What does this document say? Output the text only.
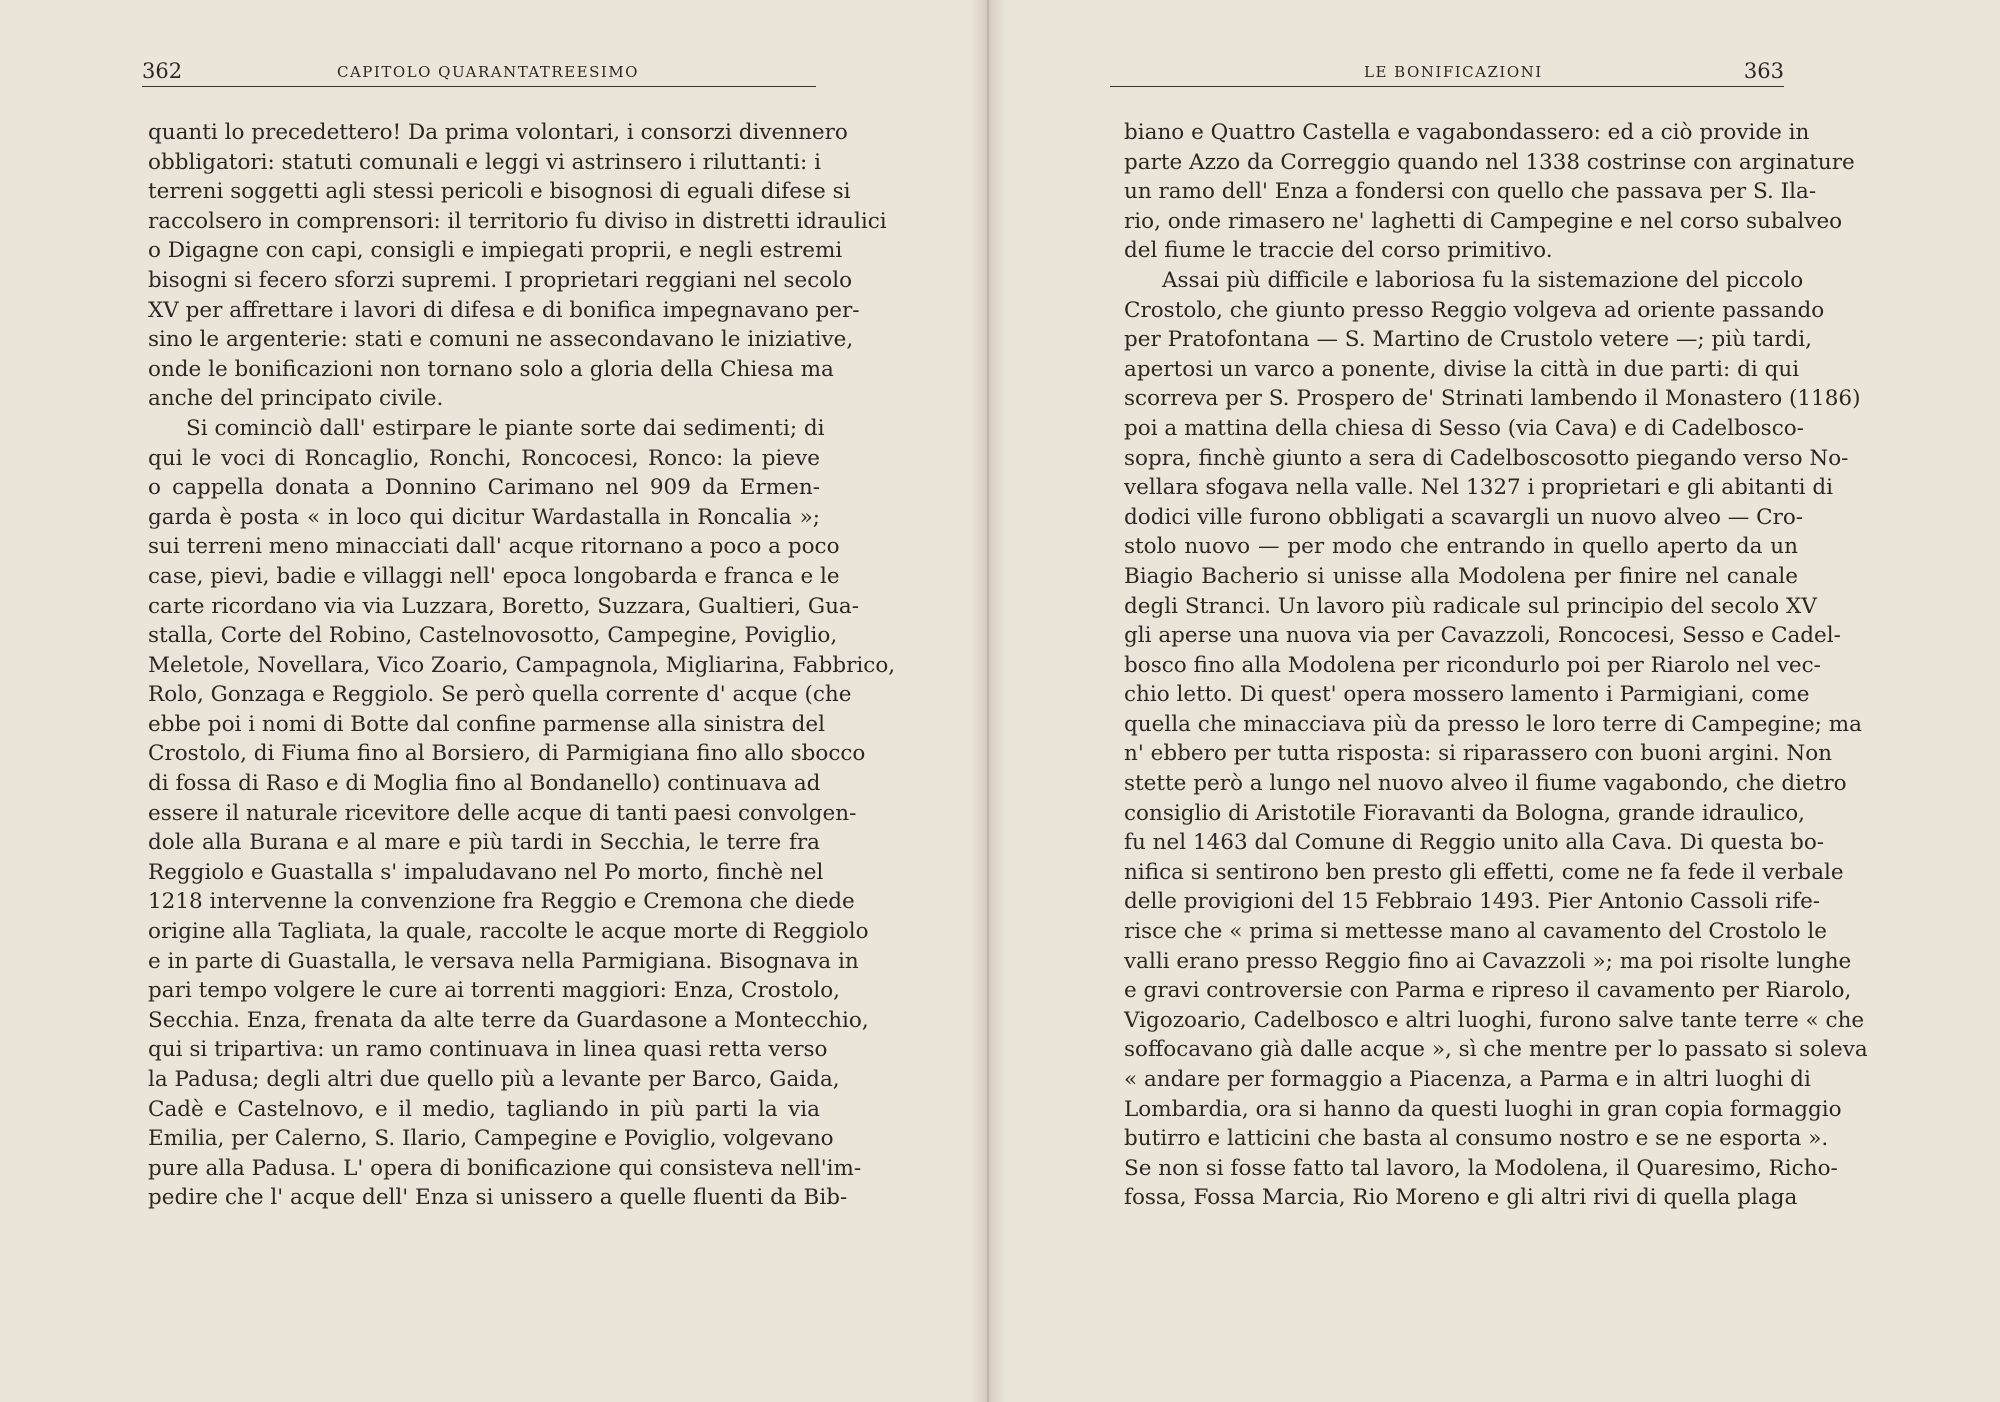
362	CAPITOLO QUARANTATREESIMO
quanti lo precedettero! Da prima volontari, i consorzi divennero
obbligatori: statuti comunali e leggi vi astrinsero i riluttanti: i
terreni soggetti agli stessi pericoli e bisognosi di eguali difese si
raccolsero in comprensori: il territorio fu diviso in distretti idraulici
o Digagne con capi, consigli e impiegati proprii, e negli estremi
bisogni si fecero sforzi supremi. I proprietari reggiani nel secolo
XV per affrettare i lavori di difesa e di bonifica impegnavano per-
sino le argenterie: stati e comuni ne assecondavano le iniziative,
onde le bonificazioni non tornano solo a gloria della Chiesa ma
anche del principato civile.
Si cominciò dall' estirpare le piante sorte dai sedimenti; di
qui le voci di Roncaglio, Ronchi, Roncocesi, Ronco: la pieve
o cappella donata a Donnino Carimano nel 909 da Ermen-
garda è posta « in loco qui dicitur Wardastalla in Roncalia »;
sui terreni meno minacciati dall' acque ritornano a poco a poco
case, pievi, badie e villaggi nell' epoca longobarda e franca e le
carte ricordano via via Luzzara, Boretto, Suzzara, Gualtieri, Gua-
stalla, Corte del Robino, Castelnovosotto, Campegine, Poviglio,
Meletole, Novellara, Vico Zoario, Campagnola, Migliarina, Fabbrico,
Rolo, Gonzaga e Reggiolo. Se però quella corrente d' acque (che
ebbe poi i nomi di Botte dal confine parmense alla sinistra del
Crostolo, di Fiuma fino al Borsiero, di Parmigiana fino allo sbocco
di fossa di Raso e di Moglia fino al Bondanello) continuava ad
essere il naturale ricevitore delle acque di tanti paesi convolgen-
dole alla Burana e al mare e più tardi in Secchia, le terre fra
Reggiolo e Guastalla s' impaludavano nel Po morto, finchè nel
1218 intervenne la convenzione fra Reggio e Cremona che diede
origine alla Tagliata, la quale, raccolte le acque morte di Reggiolo
e in parte di Guastalla, le versava nella Parmigiana. Bisognava in
pari tempo volgere le cure ai torrenti maggiori: Enza, Crostolo,
Secchia. Enza, frenata da alte terre da Guardasone a Montecchio,
qui si tripartiva: un ramo continuava in linea quasi retta verso
la Padusa; degli altri due quello più a levante per Barco, Gaida,
Cadè e Castelnovo, e il medio, tagliando in più parti la via
Emilia, per Calerno, S. Ilario, Campegine e Poviglio, volgevano
pure alla Padusa. L' opera di bonificazione qui consisteva nell'im-
pedire che l' acque dell' Enza si unissero a quelle fluenti da Bib-
LE BONIFICAZIONI	363
biano e Quattro Castella e vagabondassero: ed a ciò provide in
parte Azzo da Correggio quando nel 1338 costrinse con arginature
un ramo dell' Enza a fondersi con quello che passava per S. Ila-
rio, onde rimasero ne' laghetti di Campegine e nel corso subalveo
del fiume le traccie del corso primitivo.
Assai più difficile e laboriosa fu la sistemazione del piccolo
Crostolo, che giunto presso Reggio volgeva ad oriente passando
per Pratofontana — S. Martino de Crustolo vetere —; più tardi,
apertosi un varco a ponente, divise la città in due parti: di qui
scorreva per S. Prospero de' Strinati lambendo il Monastero (1186)
poi a mattina della chiesa di Sesso (via Cava) e di Cadelbosco-
sopra, finchè giunto a sera di Cadelboscosotto piegando verso No-
vellara sfogava nella valle. Nel 1327 i proprietari e gli abitanti di
dodici ville furono obbligati a scavargli un nuovo alveo — Cro-
stolo nuovo — per modo che entrando in quello aperto da un
Biagio Bacherio si unisse alla Modolena per finire nel canale
degli Stranci. Un lavoro più radicale sul principio del secolo XV
gli aperse una nuova via per Cavazzoli, Roncocesi, Sesso e Cadel-
bosco fino alla Modolena per ricondurlo poi per Riarolo nel vec-
chio letto. Di quest' opera mossero lamento i Parmigiani, come
quella che minacciava più da presso le loro terre di Campegine; ma
n' ebbero per tutta risposta: si riparassero con buoni argini. Non
stette però a lungo nel nuovo alveo il fiume vagabondo, che dietro
consiglio di Aristotile Fioravanti da Bologna, grande idraulico,
fu nel 1463 dal Comune di Reggio unito alla Cava. Di questa bo-
nifica si sentirono ben presto gli effetti, come ne fa fede il verbale
delle provigioni del 15 Febbraio 1493. Pier Antonio Cassoli rife-
risce che « prima si mettesse mano al cavamento del Crostolo le
valli erano presso Reggio fino ai Cavazzoli »; ma poi risolte lunghe
e gravi controversie con Parma e ripreso il cavamento per Riarolo,
Vigozoario, Cadelbosco e altri luoghi, furono salve tante terre « che
soffocavano già dalle acque », sì che mentre per lo passato si soleva
« andare per formaggio a Piacenza, a Parma e in altri luoghi di
Lombardia, ora si hanno da questi luoghi in gran copia formaggio
butirro e latticini che basta al consumo nostro e se ne esporta ».
Se non si fosse fatto tal lavoro, la Modolena, il Quaresimo, Richo-
fossa, Fossa Marcia, Rio Moreno e gli altri rivi di quella plaga
